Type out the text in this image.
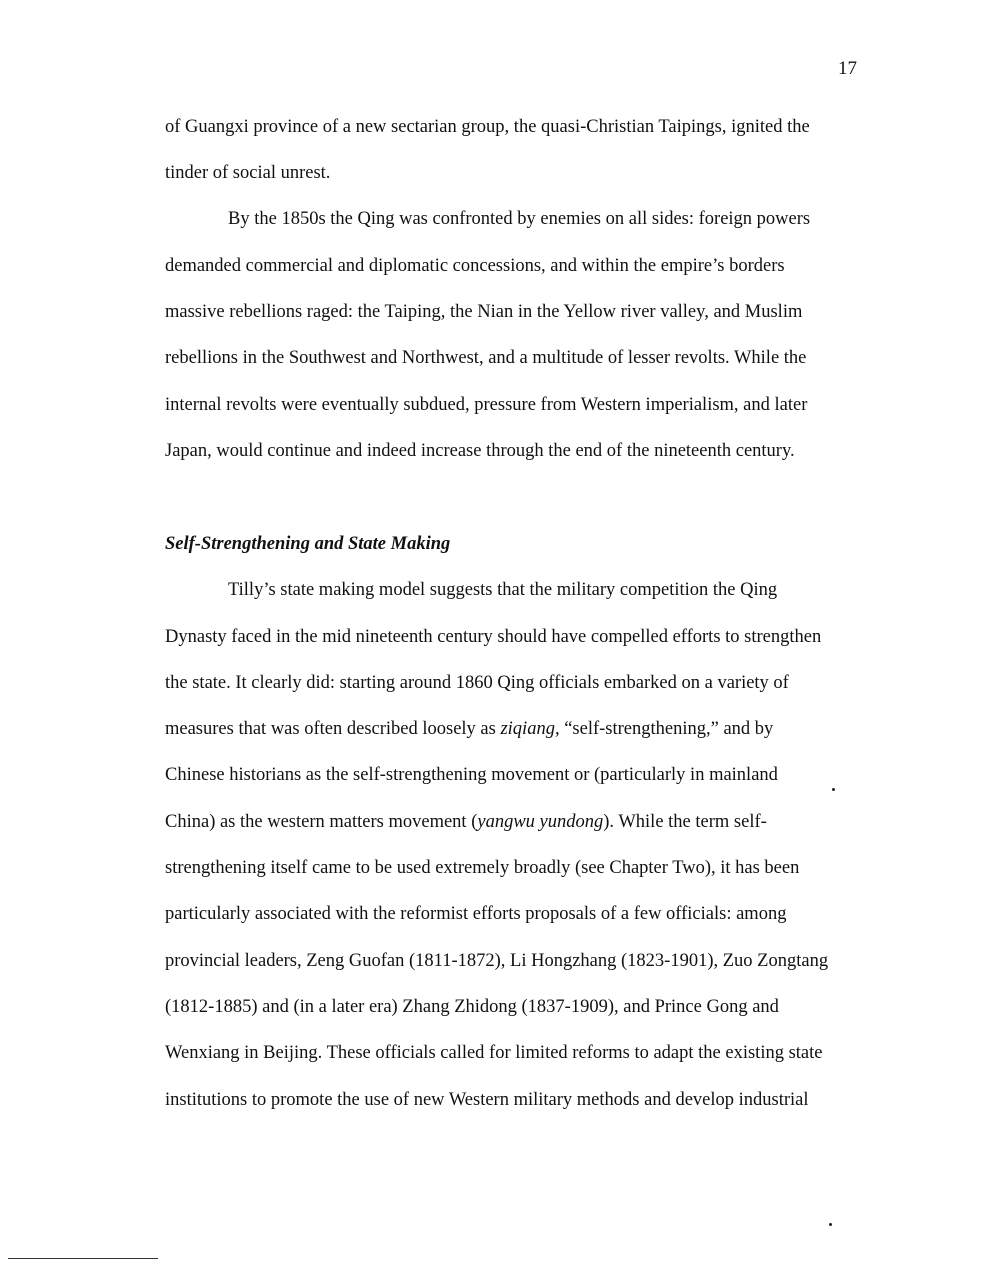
17
of Guangxi province of a new sectarian group, the quasi-Christian Taipings, ignited the
tinder of social unrest.
By the 1850s the Qing was confronted by enemies on all sides: foreign powers
demanded commercial and diplomatic concessions, and within the empire’s borders
massive rebellions raged: the Taiping, the Nian in the Yellow river valley, and Muslim
rebellions in the Southwest and Northwest, and a multitude of lesser revolts. While the
internal revolts were eventually subdued, pressure from Western imperialism, and later
Japan, would continue and indeed increase through the end of the nineteenth century.
Self-Strengthening and State Making
Tilly’s state making model suggests that the military competition the Qing
Dynasty faced in the mid nineteenth century should have compelled efforts to strengthen
the state. It clearly did: starting around 1860 Qing officials embarked on a variety of
measures that was often described loosely as ziqiang, “self-strengthening,” and by
Chinese historians as the self-strengthening movement or (particularly in mainland
China) as the western matters movement (yangwu yundong). While the term self-
strengthening itself came to be used extremely broadly (see Chapter Two), it has been
particularly associated with the reformist efforts proposals of a few officials: among
provincial leaders, Zeng Guofan (1811-1872), Li Hongzhang (1823-1901), Zuo Zongtang
(1812-1885) and (in a later era) Zhang Zhidong (1837-1909), and Prince Gong and
Wenxiang in Beijing. These officials called for limited reforms to adapt the existing state
institutions to promote the use of new Western military methods and develop industrial
